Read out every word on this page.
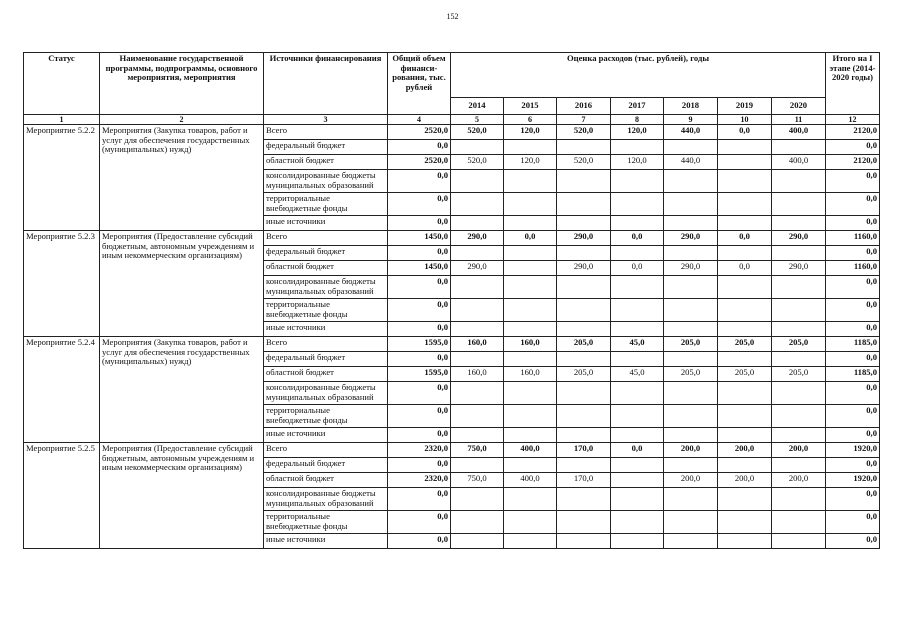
152
Статус	Наименование государственной программы, подпрограммы, основного мероприятия, мероприятия	Источники финансирования	Общий объем финанси-рования, тыс. рублей	Оценка расходов (тыс. рублей), годы							Итого на I этапе (2014-2020 годы)
				2014	2015	2016	2017	2018	2019	2020	
1	2	3	4	5	6	7	8	9	10	11	12
Мероприятие 5.2.2	Мероприятия (Закупка товаров, работ и услуг для обеспечения государственных (муниципальных) нужд)	Всего	2520,0	520,0	120,0	520,0	120,0	440,0	0,0	400,0	2120,0
		федеральный бюджет	0,0								0,0
		областной бюджет	2520,0	520,0	120,0	520,0	120,0	440,0		400,0	2120,0
		консолидированные бюджеты муниципальных образований	0,0								0,0
		территориальные внебюджетные фонды	0,0								0,0
		иные источники	0,0								0,0
Мероприятие 5.2.3	Мероприятия (Предоставление субсидий бюджетным, автономным учреждениям и иным некоммерческим организациям)	Всего	1450,0	290,0	0,0	290,0	0,0	290,0	0,0	290,0	1160,0
		федеральный бюджет	0,0								0,0
		областной бюджет	1450,0	290,0		290,0	0,0	290,0	0,0	290,0	1160,0
		консолидированные бюджеты муниципальных образований	0,0								0,0
		территориальные внебюджетные фонды	0,0								0,0
		иные источники	0,0								0,0
Мероприятие 5.2.4	Мероприятия (Закупка товаров, работ и услуг для обеспечения государственных (муниципальных) нужд)	Всего	1595,0	160,0	160,0	205,0	45,0	205,0	205,0	205,0	1185,0
		федеральный бюджет	0,0								0,0
		областной бюджет	1595,0	160,0	160,0	205,0	45,0	205,0	205,0	205,0	1185,0
		консолидированные бюджеты муниципальных образований	0,0								0,0
		территориальные внебюджетные фонды	0,0								0,0
		иные источники	0,0								0,0
Мероприятие 5.2.5	Мероприятия (Предоставление субсидий бюджетным, автономным учреждениям и иным некоммерческим организациям)	Всего	2320,0	750,0	400,0	170,0	0,0	200,0	200,0	200,0	1920,0
		федеральный бюджет	0,0								0,0
		областной бюджет	2320,0	750,0	400,0	170,0		200,0	200,0	200,0	1920,0
		консолидированные бюджеты муниципальных образований	0,0								0,0
		территориальные внебюджетные фонды	0,0								0,0
		иные источники	0,0								0,0
